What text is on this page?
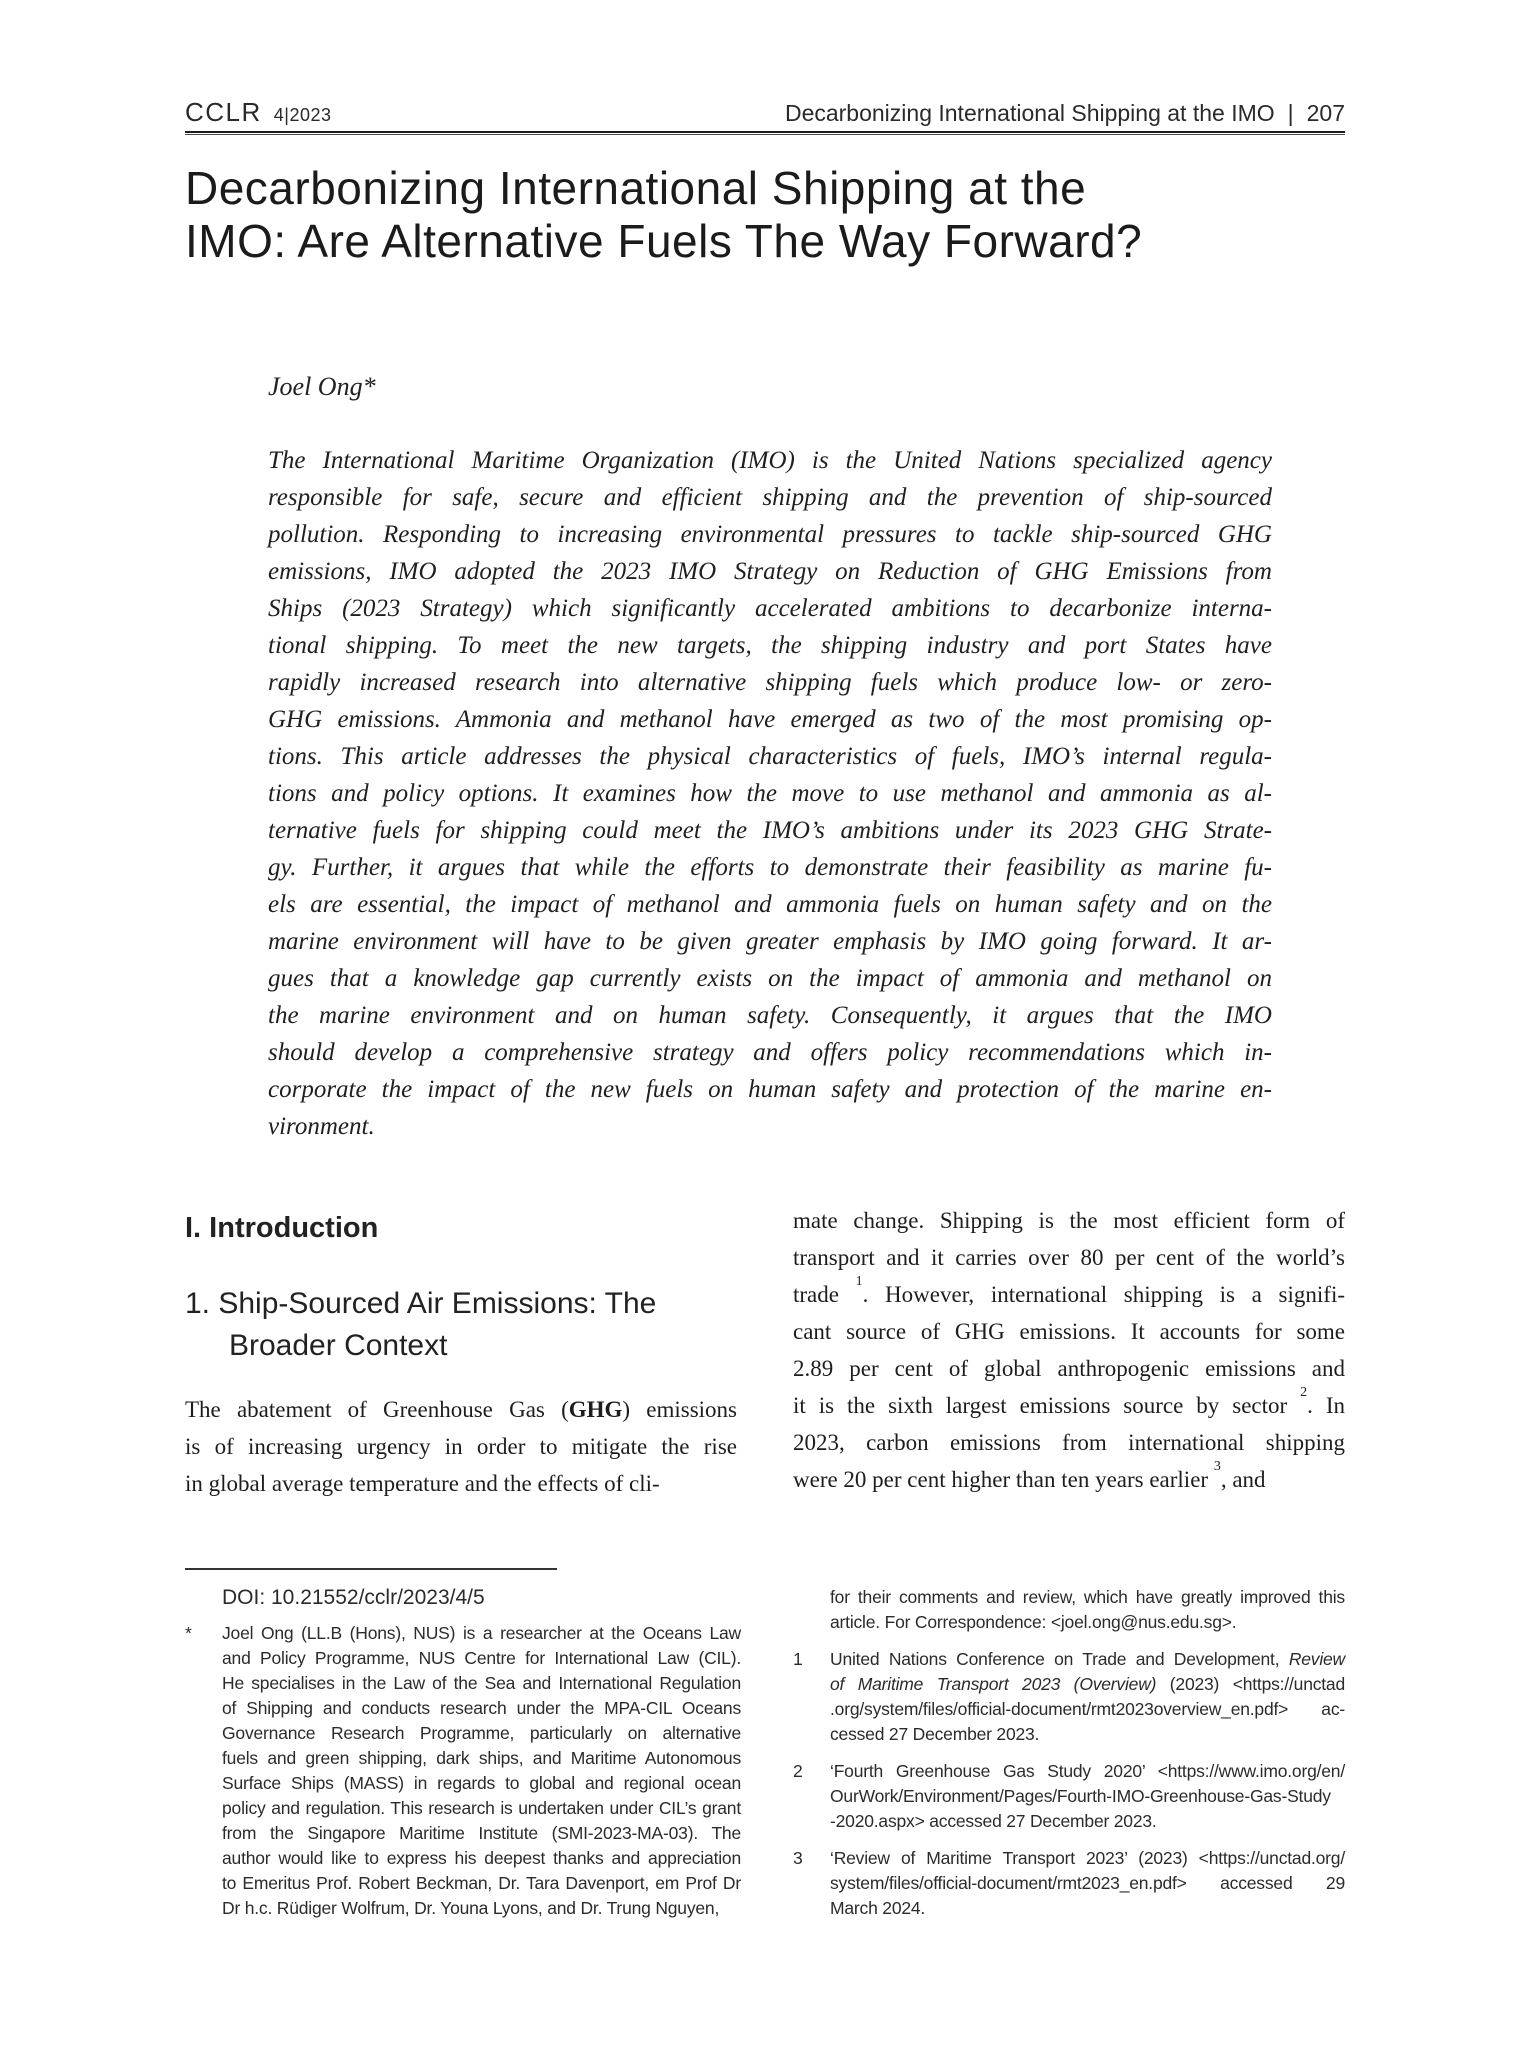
CCLR 4|2023	Decarbonizing International Shipping at the IMO | 207
Decarbonizing International Shipping at the
IMO: Are Alternative Fuels The Way Forward?
Joel Ong*
The International Maritime Organization (IMO) is the United Nations specialized agency
responsible for safe, secure and efficient shipping and the prevention of ship-sourced
pollution. Responding to increasing environmental pressures to tackle ship-sourced GHG
emissions, IMO adopted the 2023 IMO Strategy on Reduction of GHG Emissions from
Ships (2023 Strategy) which significantly accelerated ambitions to decarbonize interna-
tional shipping. To meet the new targets, the shipping industry and port States have
rapidly increased research into alternative shipping fuels which produce low- or zero-
GHG emissions. Ammonia and methanol have emerged as two of the most promising op-
tions. This article addresses the physical characteristics of fuels, IMO’s internal regula-
tions and policy options. It examines how the move to use methanol and ammonia as al-
ternative fuels for shipping could meet the IMO’s ambitions under its 2023 GHG Strate-
gy. Further, it argues that while the efforts to demonstrate their feasibility as marine fu-
els are essential, the impact of methanol and ammonia fuels on human safety and on the
marine environment will have to be given greater emphasis by IMO going forward. It ar-
gues that a knowledge gap currently exists on the impact of ammonia and methanol on
the marine environment and on human safety. Consequently, it argues that the IMO
should develop a comprehensive strategy and offers policy recommendations which in-
corporate the impact of the new fuels on human safety and protection of the marine en-
vironment.
I. Introduction
1. Ship-Sourced Air Emissions: The
Broader Context
The abatement of Greenhouse Gas (GHG) emissions
is of increasing urgency in order to mitigate the rise
in global average temperature and the effects of cli-
mate change. Shipping is the most efficient form of
transport and it carries over 80 per cent of the world’s
trade $^1$. However, international shipping is a signifi-
cant source of GHG emissions. It accounts for some
2.89 per cent of global anthropogenic emissions and
it is the sixth largest emissions source by sector $^2$. In
2023, carbon emissions from international shipping
were 20 per cent higher than ten years earlier $^3$, and
DOI: 10.21552/cclr/2023/4/5
*	Joel Ong (LL.B (Hons), NUS) is a researcher at the Oceans Law
and Policy Programme, NUS Centre for International Law (CIL).
He specialises in the Law of the Sea and International Regulation
of Shipping and conducts research under the MPA-CIL Oceans
Governance Research Programme, particularly on alternative
fuels and green shipping, dark ships, and Maritime Autonomous
Surface Ships (MASS) in regards to global and regional ocean
policy and regulation. This research is undertaken under CIL’s grant
from the Singapore Maritime Institute (SMI-2023-MA-03). The
author would like to express his deepest thanks and appreciation
to Emeritus Prof. Robert Beckman, Dr. Tara Davenport, em Prof Dr
Dr h.c. Rüdiger Wolfrum, Dr. Youna Lyons, and Dr. Trung Nguyen,
for their comments and review, which have greatly improved this
article. For Correspondence: <joel.ong@nus.edu.sg>.
1	United Nations Conference on Trade and Development, Review
of Maritime Transport 2023 (Overview) (2023) <https://unctad
.org/system/files/official-document/rmt2023overview_en.pdf> ac-
cessed 27 December 2023.
2	‘Fourth Greenhouse Gas Study 2020’ <https://www.imo.org/en/
OurWork/Environment/Pages/Fourth-IMO-Greenhouse-Gas-Study
-2020.aspx> accessed 27 December 2023.
3	‘Review of Maritime Transport 2023’ (2023) <https://unctad.org/
system/files/official-document/rmt2023_en.pdf> accessed 29
March 2024.
